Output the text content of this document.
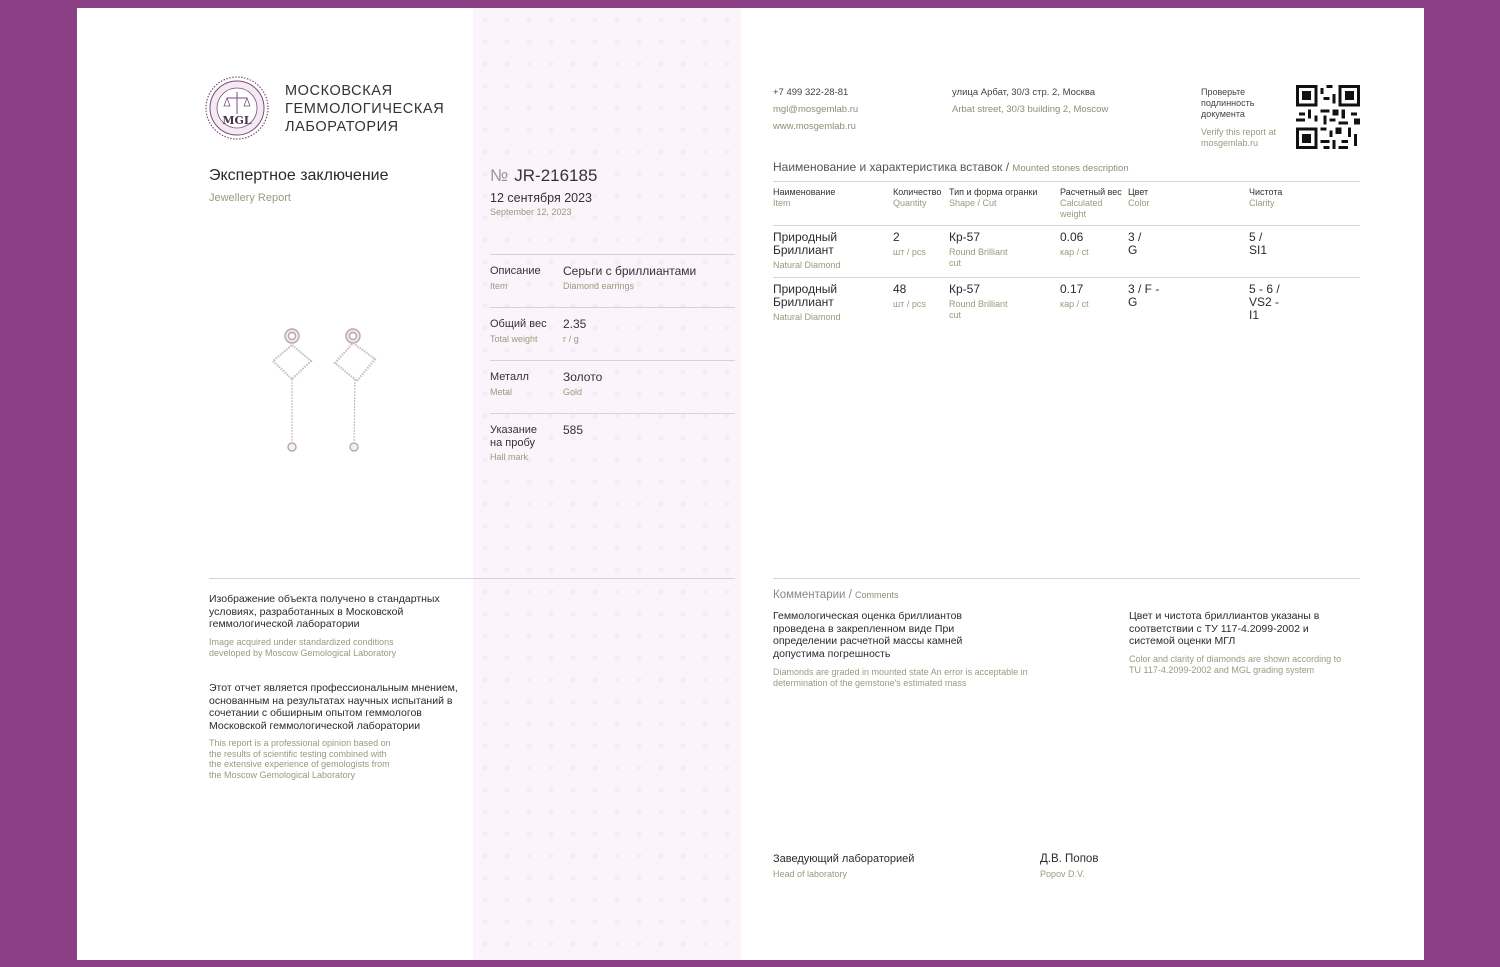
MGL
МОСКОВСКАЯ
ГЕММОЛОГИЧЕСКАЯ
ЛАБОРАТОРИЯ
Экспертное заключение
Jewellery Report
№ JR-216185
12 сентября 2023
September 12, 2023
Описание
Item
Серьги с бриллиантами
Diamond earrings
Общий вес
Total weight
2.35
г / g
Металл
Metal
Золото
Gold
Указание на пробу
Hall mark
585
Изображение объекта получено в стандартных условиях, разработанных в Московской геммологической лаборатории
Image acquired under standardized conditions developed by Moscow Gemological Laboratory
Этот отчет является профессиональным мнением, основанным на результатах научных испытаний в сочетании с обширным опытом геммологов Московской геммологической лаборатории
This report is a professional opinion based on the results of scientific testing combined with the extensive experience of gemologists from the Moscow Gemological Laboratory
+7 499 322-28-81
mgl@mosgemlab.ru
www.mosgemlab.ru
улица Арбат, 30/3 стр. 2, Москва
Arbat street, 30/3 building 2, Moscow
Проверьте подлинность документа
Verify this report at mosgemlab.ru
Наименование и характеристика вставок / Mounted stones description
Наименование
Item
Количество
Quantity
Тип и форма огранки
Shape / Cut
Расчетный вес
Calculated weight
Цвет
Color
Чистота
Clarity
Природный Бриллиант
Natural Diamond
2
шт / pcs
Кр-57
Round Brilliant cut
0.06
кар / ct
3 / G
5 / SI1
Природный Бриллиант
Natural Diamond
48
шт / pcs
Кр-57
Round Brilliant cut
0.17
кар / ct
3 / F - G
5 - 6 / VS2 - I1
Комментарии / Comments
Геммологическая оценка бриллиантов проведена в закрепленном виде При определении расчетной массы камней допустима погрешность
Diamonds are graded in mounted state An error is acceptable in determination of the gemstone's estimated mass
Цвет и чистота бриллиантов указаны в соответствии с ТУ 117-4.2099-2002 и системой оценки МГЛ
Color and clarity of diamonds are shown according to TU 117-4.2099-2002 and MGL grading system
Заведующий лабораторией
Head of laboratory
Д.В. Попов
Popov D.V.
